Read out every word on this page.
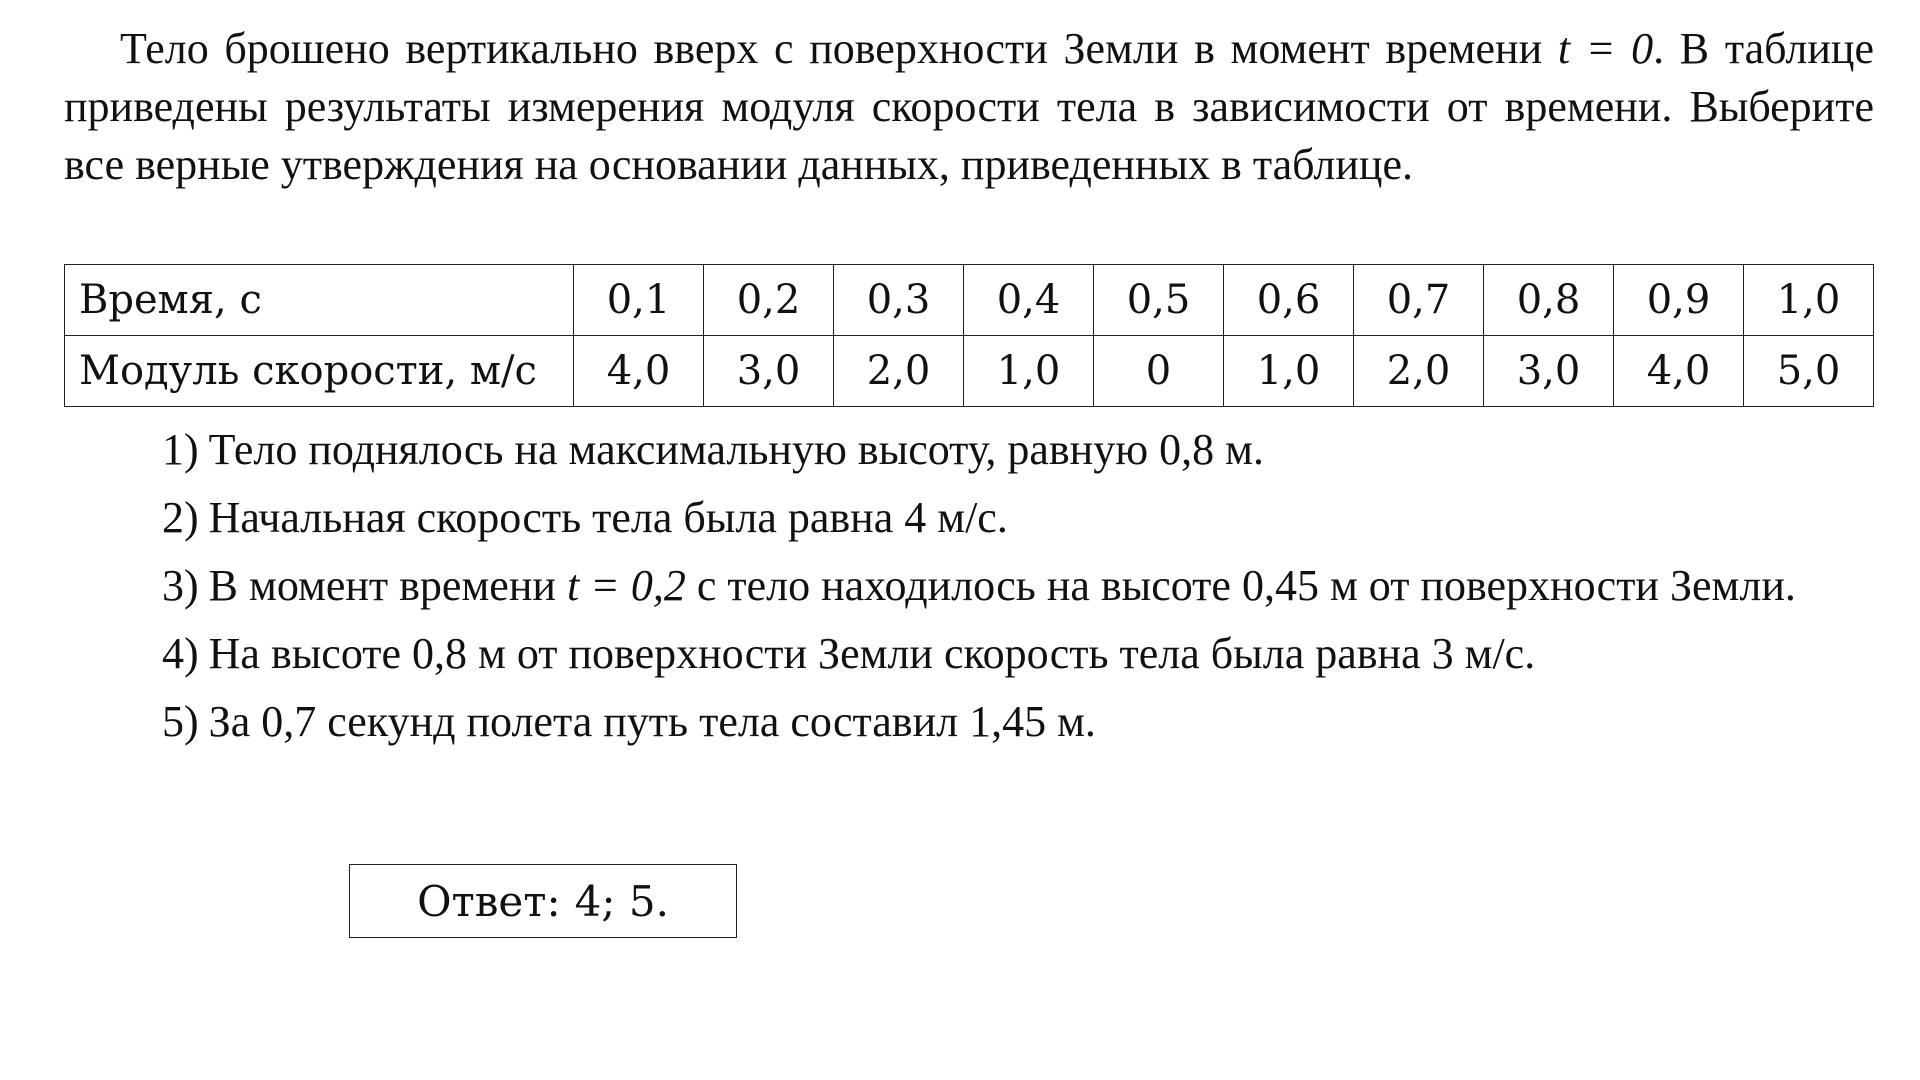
Тело брошено вертикально вверх с поверхности Земли в момент времени t = 0. В таблице приведены результаты измерения модуля скорости тела в зависимости от времени. Выберите все верные утверждения на основании данных, приведенных в таблице.

Время, с	0,1	0,2	0,3	0,4	0,5	0,6	0,7	0,8	0,9	1,0
Модуль скорости, м/с	4,0	3,0	2,0	1,0	0	1,0	2,0	3,0	4,0	5,0
1 ) Тело поднялось на максимальную высоту, равную 0,8 м.
2 ) Начальная скорость тела была равна 4 м/с.
3 ) В момент времени t = 0,2 с тело находилось на высоте 0,45 м от поверхности Земли.
4 ) На высоте 0,8 м от поверхности Земли скорость тела была равна 3 м/с.
5 ) За 0,7 секунд полета путь тела составил 1,45 м.
Ответ: 4; 5.
